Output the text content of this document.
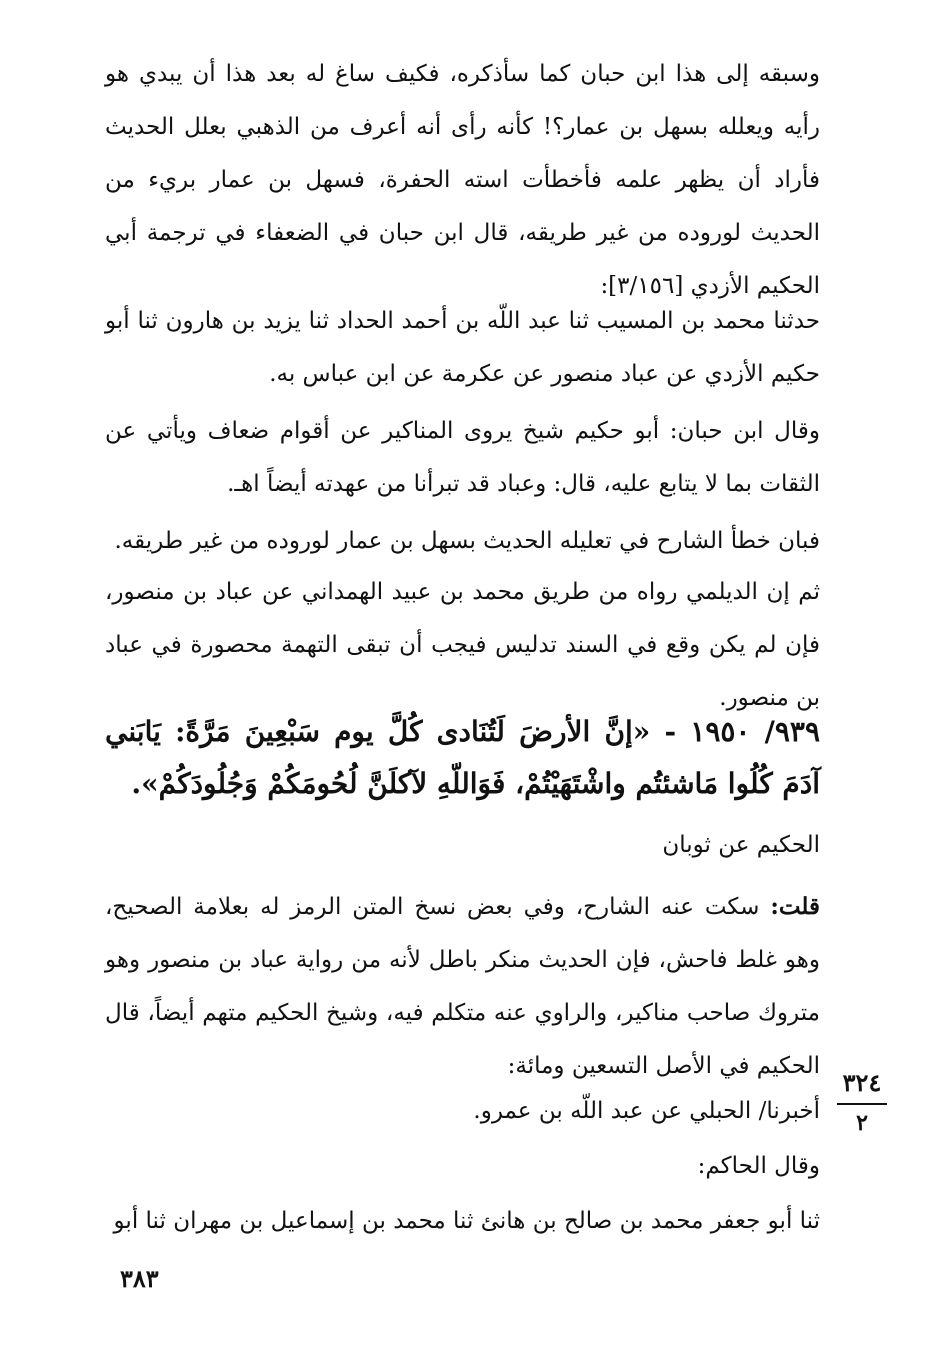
وسبقه إلى هذا ابن حبان كما سأذكره، فكيف ساغ له بعد هذا أن يبدي هو رأيه ويعلله بسهل بن عمار؟! كأنه رأى أنه أعرف من الذهبي بعلل الحديث فأراد أن يظهر علمه فأخطأت استه الحفرة، فسهل بن عمار بريء من الحديث لوروده من غير طريقه، قال ابن حبان في الضعفاء في ترجمة أبي الحكيم الأزدي [٣/١٥٦]:

حدثنا محمد بن المسيب ثنا عبد اللّه بن أحمد الحداد ثنا يزيد بن هارون ثنا أبو حكيم الأزدي عن عباد منصور عن عكرمة عن ابن عباس به.

وقال ابن حبان: أبو حكيم شيخ يروى المناكير عن أقوام ضعاف ويأتي عن الثقات بما لا يتابع عليه، قال: وعباد قد تبرأنا من عهدته أيضاً اهـ.

فبان خطأ الشارح في تعليله الحديث بسهل بن عمار لوروده من غير طريقه.

ثم إن الديلمي رواه من طريق محمد بن عبيد الهمداني عن عباد بن منصور، فإن لم يكن وقع في السند تدليس فيجب أن تبقى التهمة محصورة في عباد بن منصور.

٩٣٩/ ١٩٥٠ - «إنَّ الأرضَ لَتُنَادى كُلَّ يوم سَبْعِينَ مَرَّةً: يَابَني آدَمَ كُلُوا مَاشئتُم واشْتَهَيْتُمْ، فَوَاللّهِ لآكلَنَّ لُحُومَكُمْ وَجُلُودَكُمْ».

الحكيم عن ثوبان

قلت: سكت عنه الشارح، وفي بعض نسخ المتن الرمز له بعلامة الصحيح، وهو غلط فاحش، فإن الحديث منكر باطل لأنه من رواية عباد بن منصور وهو متروك صاحب مناكير، والراوي عنه متكلم فيه، وشيخ الحكيم متهم أيضاً، قال الحكيم في الأصل التسعين ومائة:

أخبرنا/ الحبلي عن عبد اللّه بن عمرو.

وقال الحاكم:

ثنا أبو جعفر محمد بن صالح بن هانئ ثنا محمد بن إسماعيل بن مهران ثنا أبو

٣٢٤
٢
٣٨٣
